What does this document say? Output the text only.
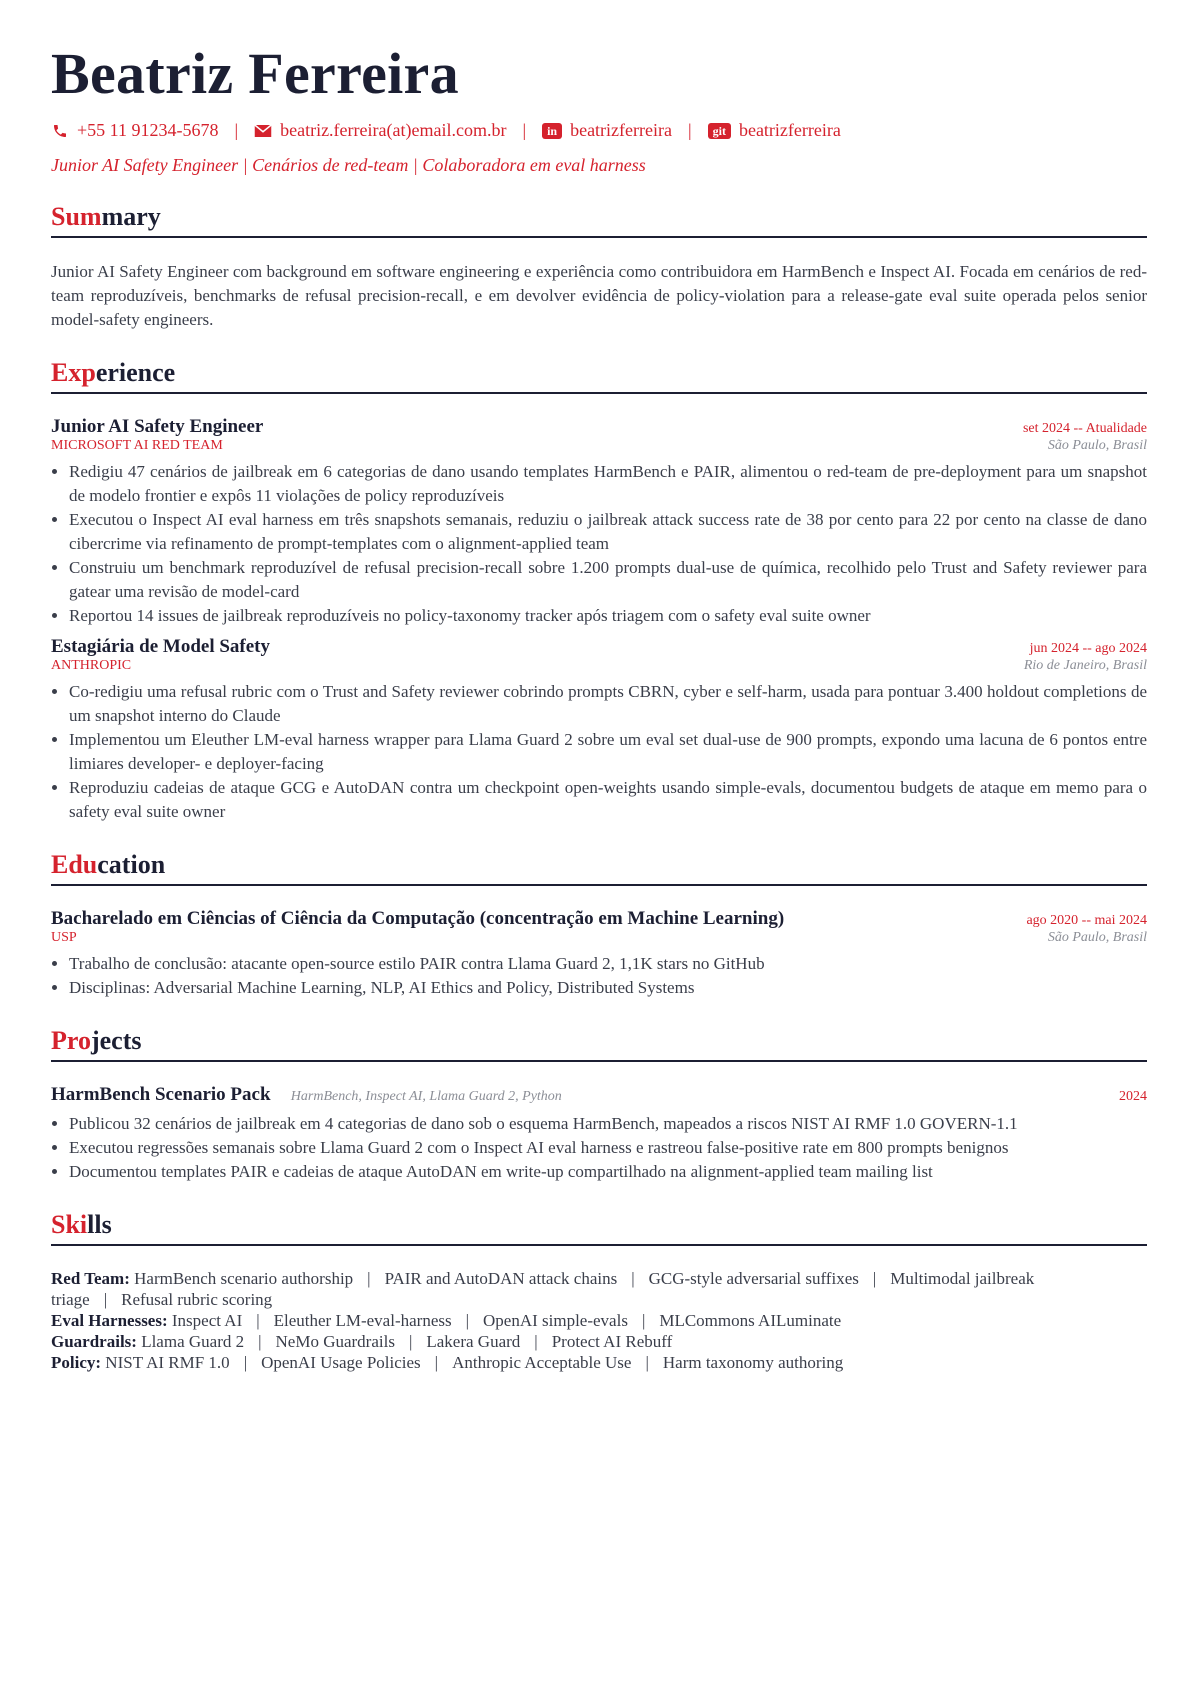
Beatriz Ferreira
+55 11 91234-5678 | beatriz.ferreira(at)email.com.br |	in beatrizferreira |	git beatrizferreira
Junior AI Safety Engineer | Cenários de red-team | Colaboradora em eval harness
Summary
Junior AI Safety Engineer com background em software engineering e experiência como contribuidora em HarmBench e Inspect AI. Focada em cenários de red-team reproduzíveis, benchmarks de refusal precision-recall, e em devolver evidência de policy-violation para a release-gate eval suite operada pelos senior model-safety engineers.
Experience
Junior AI Safety Engineer	set 2024 -- Atualidade
MICROSOFT AI RED TEAM	São Paulo, Brasil
• Redigiu 47 cenários de jailbreak em 6 categorias de dano usando templates HarmBench e PAIR, alimentou o red-team de pre-deployment para um snapshot de modelo frontier e expôs 11 violações de policy reproduzíveis
• Executou o Inspect AI eval harness em três snapshots semanais, reduziu o jailbreak attack success rate de 38 por cento para 22 por cento na classe de dano cibercrime via refinamento de prompt-templates com o alignment-applied team
• Construiu um benchmark reproduzível de refusal precision-recall sobre 1.200 prompts dual-use de química, recolhido pelo Trust and Safety reviewer para gatear uma revisão de model-card
• Reportou 14 issues de jailbreak reproduzíveis no policy-taxonomy tracker após triagem com o safety eval suite owner
Estagiária de Model Safety	jun 2024 -- ago 2024
ANTHROPIC	Rio de Janeiro, Brasil
• Co-redigiu uma refusal rubric com o Trust and Safety reviewer cobrindo prompts CBRN, cyber e self-harm, usada para pontuar 3.400 holdout completions de um snapshot interno do Claude
• Implementou um Eleuther LM-eval harness wrapper para Llama Guard 2 sobre um eval set dual-use de 900 prompts, expondo uma lacuna de 6 pontos entre limiares developer- e deployer-facing
• Reproduziu cadeias de ataque GCG e AutoDAN contra um checkpoint open-weights usando simple-evals, documentou budgets de ataque em memo para o safety eval suite owner
Education
Bacharelado em Ciências of Ciência da Computação (concentração em Machine Learning)	ago 2020 -- mai 2024
USP	São Paulo, Brasil
• Trabalho de conclusão: atacante open-source estilo PAIR contra Llama Guard 2, 1,1K stars no GitHub
• Disciplinas: Adversarial Machine Learning, NLP, AI Ethics and Policy, Distributed Systems
Projects
HarmBench Scenario Pack HarmBench, Inspect AI, Llama Guard 2, Python	2024
• Publicou 32 cenários de jailbreak em 4 categorias de dano sob o esquema HarmBench, mapeados a riscos NIST AI RMF 1.0 GOVERN-1.1
• Executou regressões semanais sobre Llama Guard 2 com o Inspect AI eval harness e rastreou false-positive rate em 800 prompts benignos
• Documentou templates PAIR e cadeias de ataque AutoDAN em write-up compartilhado na alignment-applied team mailing list
Skills
Red Team: HarmBench scenario authorship | PAIR and AutoDAN attack chains | GCG-style adversarial suffixes | Multimodal jailbreak triage | Refusal rubric scoring
Eval Harnesses: Inspect AI | Eleuther LM-eval-harness | OpenAI simple-evals | MLCommons AILuminate
Guardrails: Llama Guard 2 | NeMo Guardrails | Lakera Guard | Protect AI Rebuff
Policy: NIST AI RMF 1.0 | OpenAI Usage Policies | Anthropic Acceptable Use | Harm taxonomy authoring
